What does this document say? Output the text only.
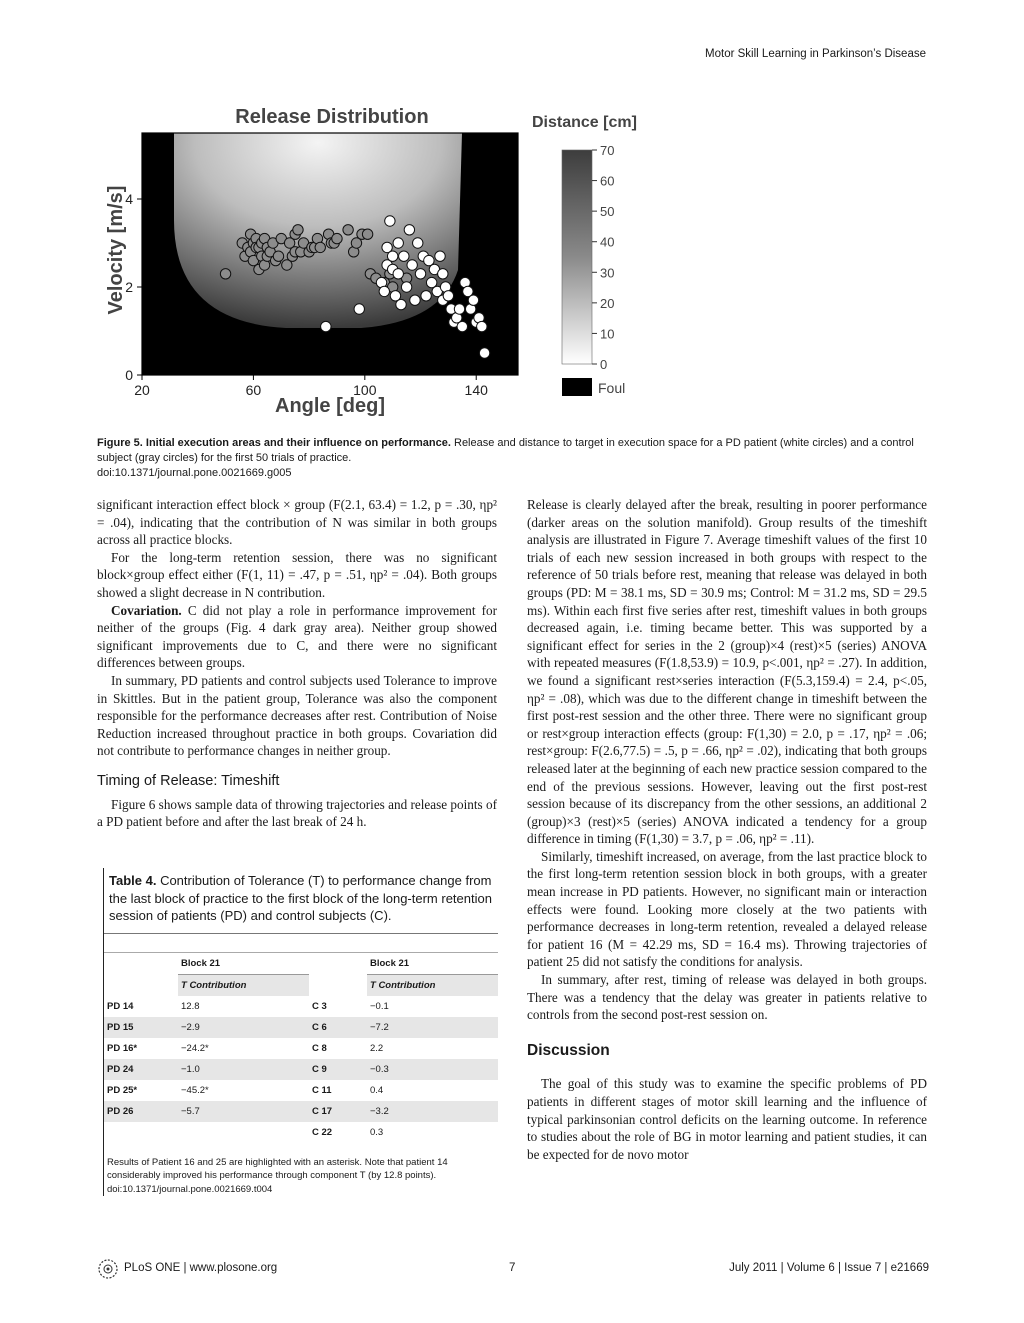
Motor Skill Learning in Parkinson’s Disease
Release Distribution
20	60	100	140
0
2
4
Angle [deg]
Velocity [m/s]
Distance [cm]
70
60
50
40
30
20
10
0
Foul
Figure 5. Initial execution areas and their influence on performance. Release and distance to target in execution space for a PD patient (white circles) and a control subject (gray circles) for the first 50 trials of practice.
doi:10.1371/journal.pone.0021669.g005

significant interaction effect block × group (F(2.1, 63.4) = 1.2, p = .30, ηp² = .04), indicating that the contribution of N was similar in both groups across all practice blocks.

For the long-term retention session, there was no significant block×group effect either (F(1, 11) = .47, p = .51, ηp² = .04). Both groups showed a slight decrease in N contribution.

Covariation. C did not play a role in performance improvement for neither of the groups (Fig. 4 dark gray area). Neither group showed significant improvements due to C, and there were no significant differences between groups.

In summary, PD patients and control subjects used Tolerance to improve in Skittles. But in the patient group, Tolerance was also the component responsible for the performance decreases after rest. Contribution of Noise Reduction increased throughout practice in both groups. Covariation did not contribute to performance changes in neither group.

Timing of Release: Timeshift

Figure 6 shows sample data of throwing trajectories and release points of a PD patient before and after the last break of 24 h.

Table 4. Contribution of Tolerance (T) to performance change from the last block of practice to the first block of the long-term retention session of patients (PD) and control subjects (C).

	Block 21		Block 21
	T Contribution		T Contribution
PD 14	12.8	C 3	−0.1
PD 15	−2.9	C 6	−7.2
PD 16*	−24.2*	C 8	2.2
PD 24	−1.0	C 9	−0.3
PD 25*	−45.2*	C 11	0.4
PD 26	−5.7	C 17	−3.2
		C 22	0.3
Results of Patient 16 and 25 are highlighted with an asterisk. Note that patient 14 considerably improved his performance through component T (by 12.8 points).
doi:10.1371/journal.pone.0021669.t004

Release is clearly delayed after the break, resulting in poorer performance (darker areas on the solution manifold). Group results of the timeshift analysis are illustrated in Figure 7. Average timeshift values of the first 10 trials of each new session increased in both groups with respect to the reference of 50 trials before rest, meaning that release was delayed in both groups (PD: M = 38.1 ms, SD = 30.9 ms; Control: M = 31.2 ms, SD = 29.5 ms). Within each first five series after rest, timeshift values in both groups decreased again, i.e. timing became better. This was supported by a significant effect for series in the 2 (group)×4 (rest)×5 (series) ANOVA with repeated measures (F(1.8,53.9) = 10.9, p<.001, ηp² = .27). In addition, we found a significant rest×series interaction (F(5.3,159.4) = 2.4, p<.05, ηp² = .08), which was due to the different change in timeshift between the first post-rest session and the other three. There were no significant group or rest×group interaction effects (group: F(1,30) = 2.0, p = .17, ηp² = .06; rest×group: F(2.6,77.5) = .5, p = .66, ηp² = .02), indicating that both groups released later at the beginning of each new practice session compared to the end of the previous sessions. However, leaving out the first post-rest session because of its discrepancy from the other sessions, an additional 2 (group)×3 (rest)×5 (series) ANOVA indicated a tendency for a group difference in timing (F(1,30) = 3.7, p = .06, ηp² = .11).

Similarly, timeshift increased, on average, from the last practice block to the first long-term retention session block in both groups, with a greater mean increase in PD patients. However, no significant main or interaction effects were found. Looking more closely at the two patients with performance decreases in long-term retention, revealed a delayed release for patient 16 (M = 42.29 ms, SD = 16.4 ms). Throwing trajectories of patient 25 did not satisfy the conditions for analysis.

In summary, after rest, timing of release was delayed in both groups. There was a tendency that the delay was greater in patients relative to controls from the second post-rest session on.

Discussion

The goal of this study was to examine the specific problems of PD patients in different stages of motor skill learning and the influence of typical parkinsonian control deficits on the learning outcome. In reference to studies about the role of BG in motor learning and patient studies, it can be expected for de novo motor

PLoS ONE | www.plosone.org	7	July 2011 | Volume 6 | Issue 7 | e21669
